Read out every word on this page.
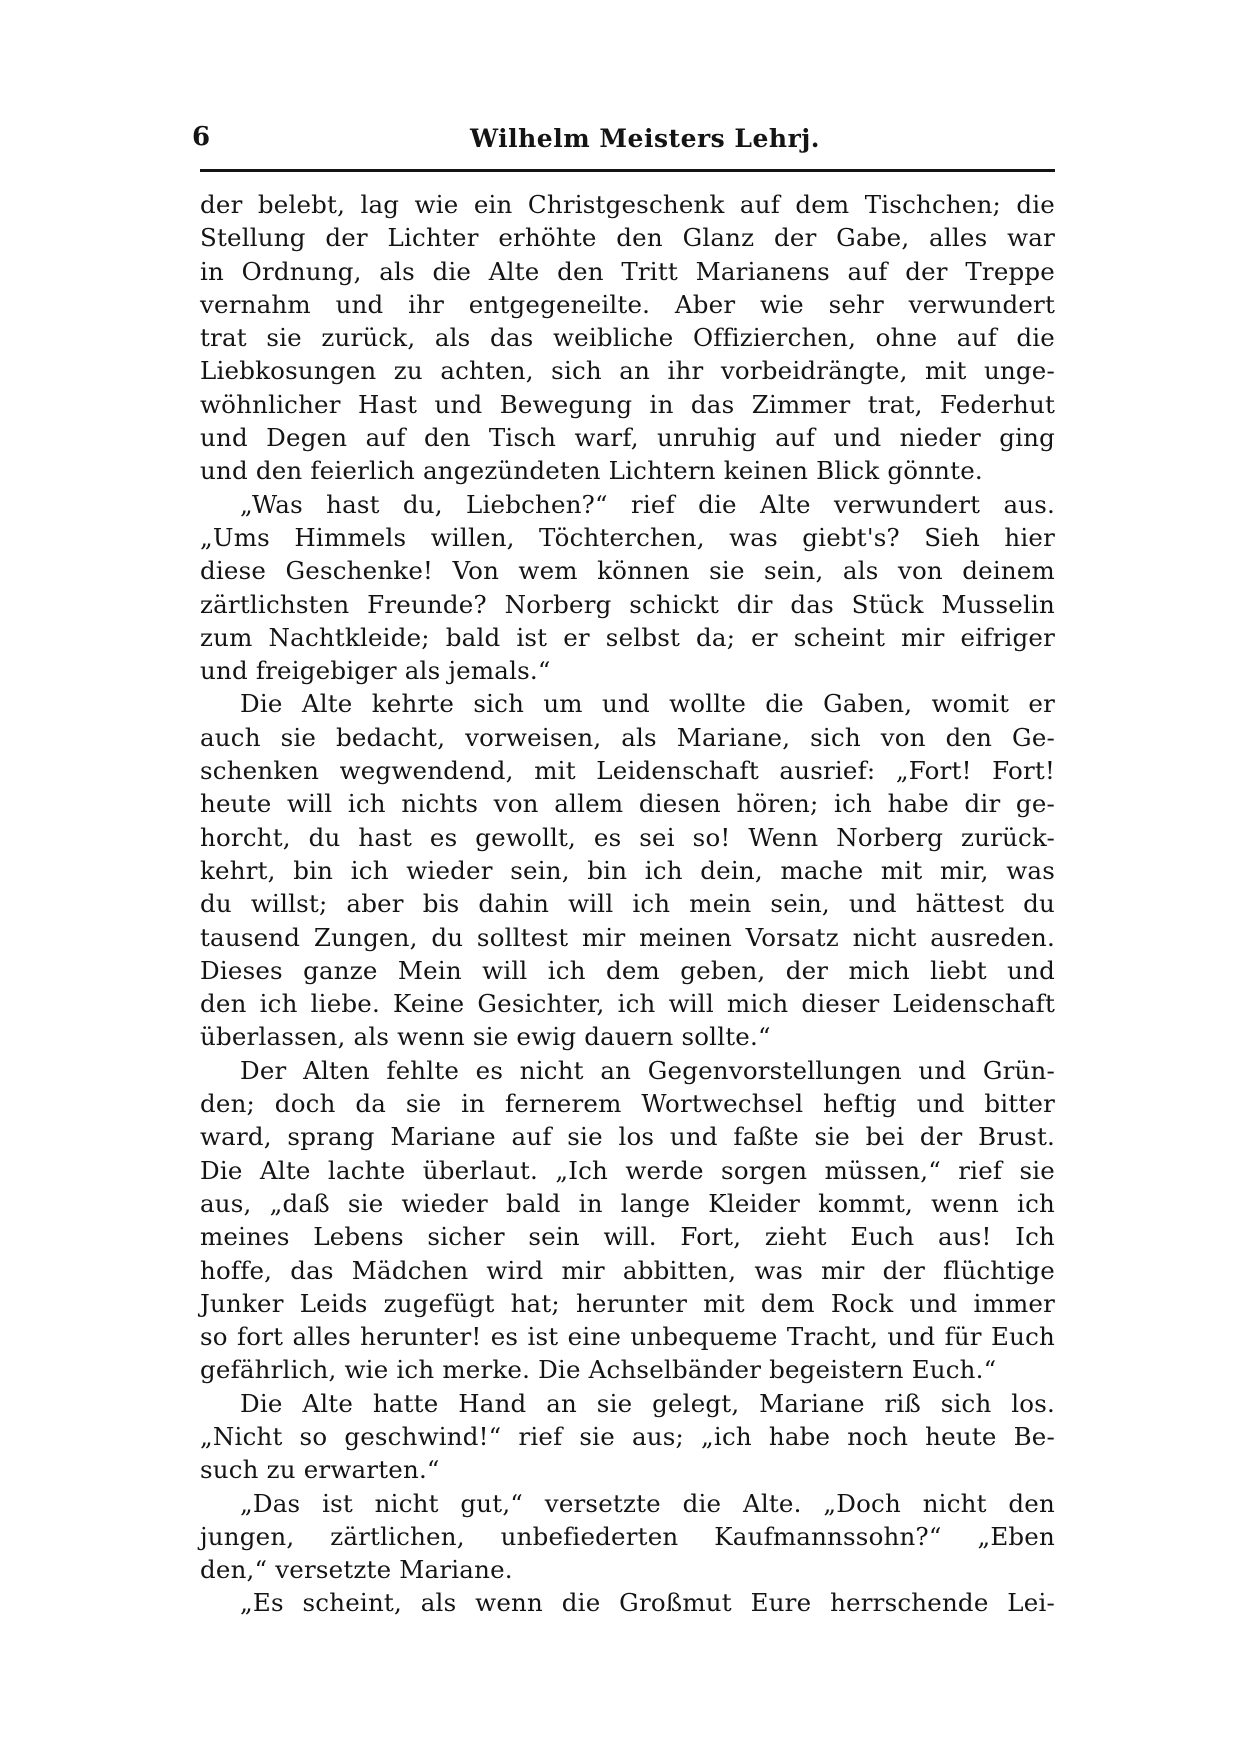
6	Wilhelm Meisters Lehrj.
der belebt, lag wie ein Christgeschenk auf dem Tischchen; die
Stellung der Lichter erhöhte den Glanz der Gabe, alles war
in Ordnung, als die Alte den Tritt Marianens auf der Treppe
vernahm und ihr entgegeneilte. Aber wie sehr verwundert
trat sie zurück, als das weibliche Offizierchen, ohne auf die
Liebkosungen zu achten, sich an ihr vorbeidrängte, mit unge-
wöhnlicher Hast und Bewegung in das Zimmer trat, Federhut
und Degen auf den Tisch warf, unruhig auf und nieder ging
und den feierlich angezündeten Lichtern keinen Blick gönnte.
„Was hast du, Liebchen?“ rief die Alte verwundert aus.
„Ums Himmels willen, Töchterchen, was giebt's? Sieh hier
diese Geschenke! Von wem können sie sein, als von deinem
zärtlichsten Freunde? Norberg schickt dir das Stück Musselin
zum Nachtkleide; bald ist er selbst da; er scheint mir eifriger
und freigebiger als jemals.“
Die Alte kehrte sich um und wollte die Gaben, womit er
auch sie bedacht, vorweisen, als Mariane, sich von den Ge-
schenken wegwendend, mit Leidenschaft ausrief: „Fort! Fort!
heute will ich nichts von allem diesen hören; ich habe dir ge-
horcht, du hast es gewollt, es sei so! Wenn Norberg zurück-
kehrt, bin ich wieder sein, bin ich dein, mache mit mir, was
du willst; aber bis dahin will ich mein sein, und hättest du
tausend Zungen, du solltest mir meinen Vorsatz nicht ausreden.
Dieses ganze Mein will ich dem geben, der mich liebt und
den ich liebe. Keine Gesichter, ich will mich dieser Leidenschaft
überlassen, als wenn sie ewig dauern sollte.“
Der Alten fehlte es nicht an Gegenvorstellungen und Grün-
den; doch da sie in fernerem Wortwechsel heftig und bitter
ward, sprang Mariane auf sie los und faßte sie bei der Brust.
Die Alte lachte überlaut. „Ich werde sorgen müssen,“ rief sie
aus, „daß sie wieder bald in lange Kleider kommt, wenn ich
meines Lebens sicher sein will. Fort, zieht Euch aus! Ich
hoffe, das Mädchen wird mir abbitten, was mir der flüchtige
Junker Leids zugefügt hat; herunter mit dem Rock und immer
so fort alles herunter! es ist eine unbequeme Tracht, und für Euch
gefährlich, wie ich merke. Die Achselbänder begeistern Euch.“
Die Alte hatte Hand an sie gelegt, Mariane riß sich los.
„Nicht so geschwind!“ rief sie aus; „ich habe noch heute Be-
such zu erwarten.“
„Das ist nicht gut,“ versetzte die Alte. „Doch nicht den
jungen, zärtlichen, unbefiederten Kaufmannssohn?“ „Eben
den,“ versetzte Mariane.
„Es scheint, als wenn die Großmut Eure herrschende Lei-
